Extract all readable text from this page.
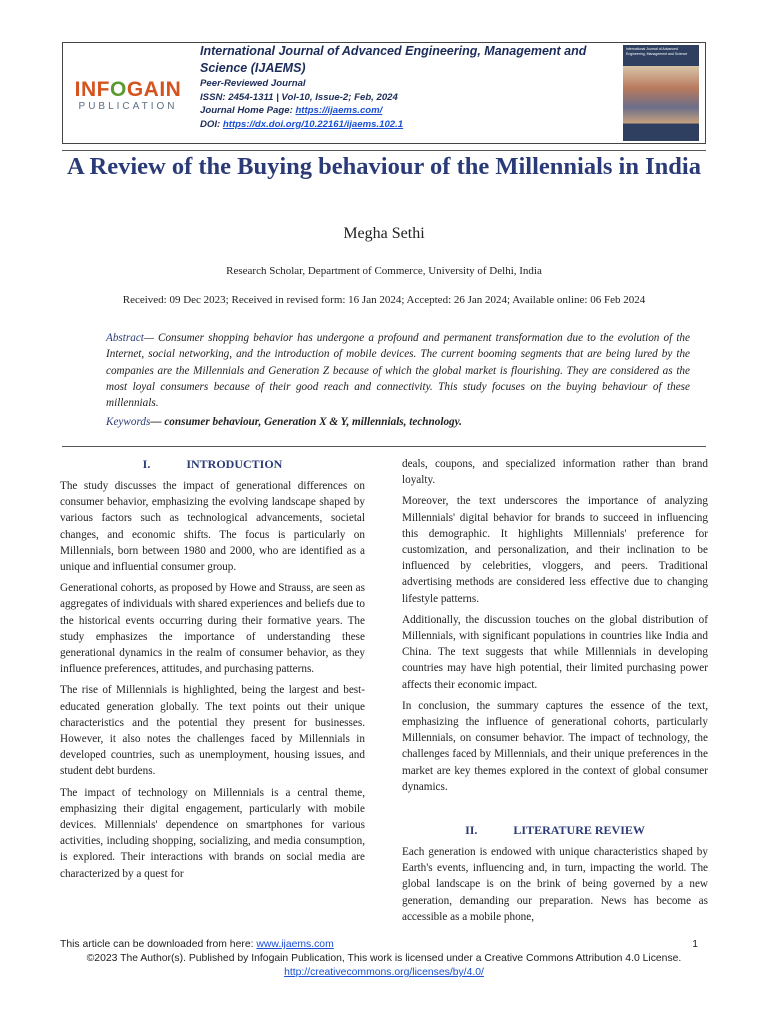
INFOGAIN
PUBLICATION
International Journal of Advanced Engineering, Management and Science (IJAEMS)
Peer-Reviewed Journal
ISSN: 2454-1311 | Vol-10, Issue-2; Feb, 2024
Journal Home Page: https://ijaems.com/
DOI: https://dx.doi.org/10.22161/ijaems.102.1
International Journal of Advanced Engineering, Management and Science
A Review of the Buying behaviour of the Millennials in India
Megha Sethi
Research Scholar, Department of Commerce, University of Delhi, India
Received: 09 Dec 2023; Received in revised form: 16 Jan 2024; Accepted: 26 Jan 2024; Available online: 06 Feb 2024
Abstract— Consumer shopping behavior has undergone a profound and permanent transformation due to the evolution of the Internet, social networking, and the introduction of mobile devices. The current booming segments that are being lured by the companies are the Millennials and Generation Z because of which the global market is flourishing. They are considered as the most loyal consumers because of their good reach and connectivity. This study focuses on the buying behaviour of these millennials.
Keywords— consumer behaviour, Generation X & Y, millennials, technology.
I.	INTRODUCTION

The study discusses the impact of generational differences on consumer behavior, emphasizing the evolving landscape shaped by various factors such as technological advancements, societal changes, and economic shifts. The focus is particularly on Millennials, born between 1980 and 2000, who are identified as a unique and influential consumer group.

Generational cohorts, as proposed by Howe and Strauss, are seen as aggregates of individuals with shared experiences and beliefs due to the historical events occurring during their formative years. The study emphasizes the importance of understanding these generational dynamics in the realm of consumer behavior, as they influence preferences, attitudes, and purchasing patterns.

The rise of Millennials is highlighted, being the largest and best-educated generation globally. The text points out their unique characteristics and the potential they present for businesses. However, it also notes the challenges faced by Millennials in developed countries, such as unemployment, housing issues, and student debt burdens.

The impact of technology on Millennials is a central theme, emphasizing their digital engagement, particularly with mobile devices. Millennials' dependence on smartphones for various activities, including shopping, socializing, and media consumption, is explored. Their interactions with brands on social media are characterized by a quest for

deals, coupons, and specialized information rather than brand loyalty.

Moreover, the text underscores the importance of analyzing Millennials' digital behavior for brands to succeed in influencing this demographic. It highlights Millennials' preference for customization, and personalization, and their inclination to be influenced by celebrities, vloggers, and peers. Traditional advertising methods are considered less effective due to changing lifestyle patterns.

Additionally, the discussion touches on the global distribution of Millennials, with significant populations in countries like India and China. The text suggests that while Millennials in developing countries may have high potential, their limited purchasing power affects their economic impact.

In conclusion, the summary captures the essence of the text, emphasizing the influence of generational cohorts, particularly Millennials, on consumer behavior. The impact of technology, the challenges faced by Millennials, and their unique preferences in the market are key themes explored in the context of global consumer dynamics.

II.	LITERATURE REVIEW

Each generation is endowed with unique characteristics shaped by Earth's events, influencing and, in turn, impacting the world. The global landscape is on the brink of being governed by a new generation, demanding our preparation. News has become as accessible as a mobile phone,

This article can be downloaded from here: www.ijaems.com	1
©2023 The Author(s). Published by Infogain Publication, This work is licensed under a Creative Commons Attribution 4.0 License.
http://creativecommons.org/licenses/by/4.0/
